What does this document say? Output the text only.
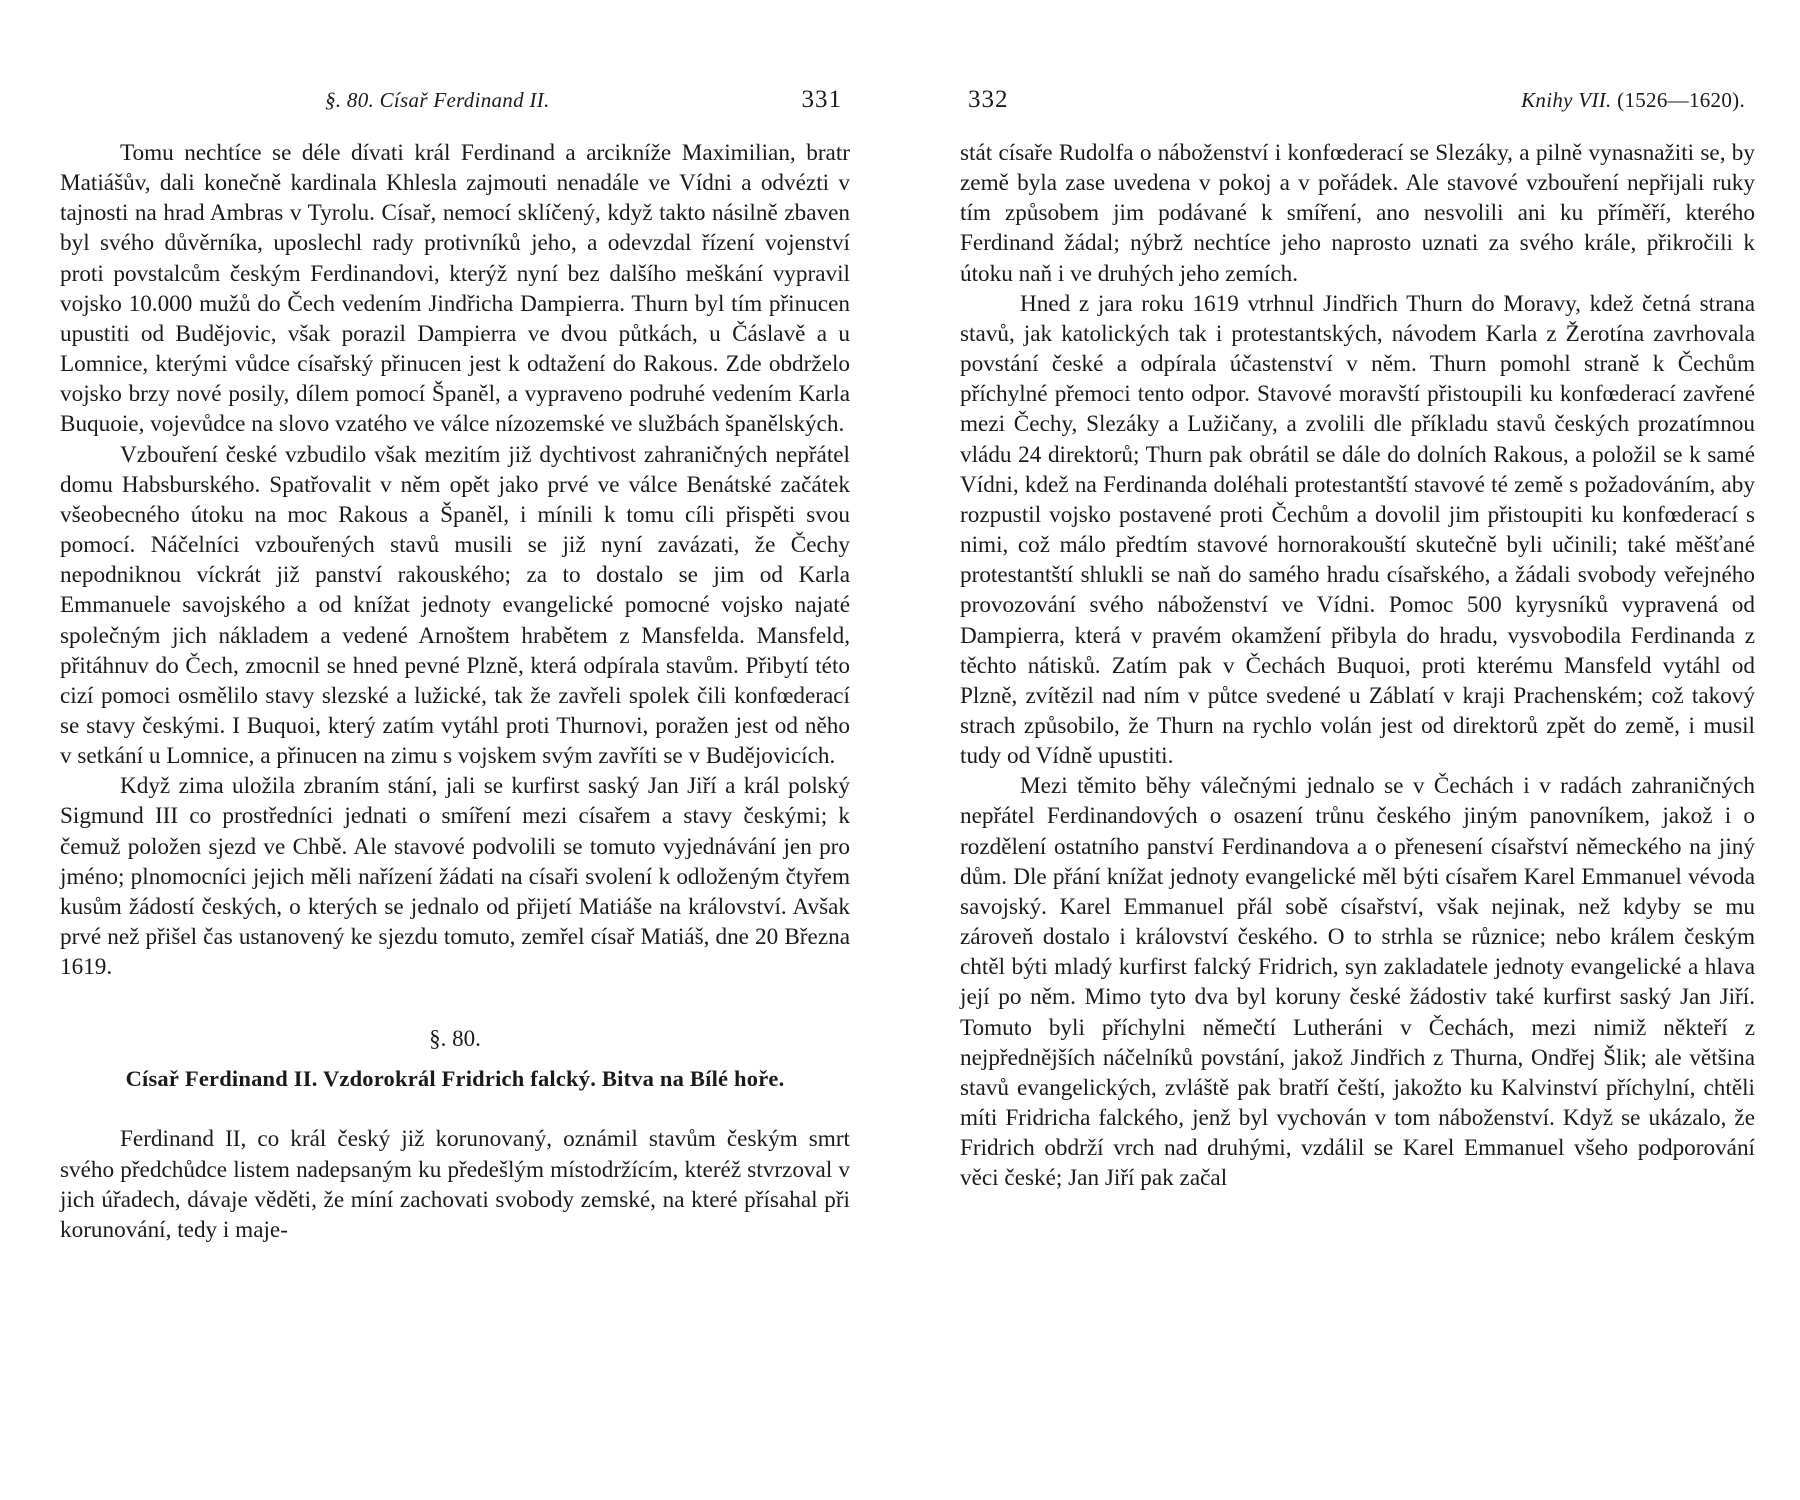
§. 80. Císař Ferdinand II.	331

Tomu nechtíce se déle dívati král Ferdinand a arcikníže Maximilian, bratr Matiášův, dali konečně kardinala Khlesla zajmouti nenadále ve Vídni a odvézti v tajnosti na hrad Ambras v Tyrolu. Císař, nemocí sklíčený, když takto násilně zbaven byl svého důvěrníka, uposlechl rady protivníků jeho, a odevzdal řízení vojenství proti povstalcům českým Ferdinandovi, kterýž nyní bez dalšího meškání vypravil vojsko 10.000 mužů do Čech vedením Jindřicha Dampierra. Thurn byl tím přinucen upustiti od Budějovic, však porazil Dampierra ve dvou půtkách, u Čáslavě a u Lomnice, kterými vůdce císařský přinucen jest k odtažení do Rakous. Zde obdrželo vojsko brzy nové posily, dílem pomocí Španěl, a vypraveno podruhé vedením Karla Buquoie, vojevůdce na slovo vzatého ve válce nízozemské ve službách španělských.

Vzbouření české vzbudilo však mezitím již dychtivost zahraničných nepřátel domu Habsburského. Spatřovalit v něm opět jako prvé ve válce Benátské začátek všeobecného útoku na moc Rakous a Španěl, i mínili k tomu cíli přispěti svou pomocí. Náčelníci vzbouřených stavů musili se již nyní zavázati, že Čechy nepodniknou víckrát již panství rakouského; za to dostalo se jim od Karla Emmanuele savojského a od knížat jednoty evangelické pomocné vojsko najaté společným jich nákladem a vedené Arnoštem hrabětem z Mansfelda. Mansfeld, přitáhnuv do Čech, zmocnil se hned pevné Plzně, která odpírala stavům. Přibytí této cizí pomoci osmělilo stavy slezské a lužické, tak že zavřeli spolek čili konfœderací se stavy českými. I Buquoi, který zatím vytáhl proti Thurnovi, poražen jest od něho v setkání u Lomnice, a přinucen na zimu s vojskem svým zavříti se v Budějovicích.

Když zima uložila zbraním stání, jali se kurfirst saský Jan Jiří a král polský Sigmund III co prostředníci jednati o smíření mezi císařem a stavy českými; k čemuž položen sjezd ve Chbě. Ale stavové podvolili se tomuto vyjednávání jen pro jméno; plnomocníci jejich měli nařízení žádati na císaři svolení k odloženým čtyřem kusům žádostí českých, o kterých se jednalo od přijetí Matiáše na království. Avšak prvé než přišel čas ustanovený ke sjezdu tomuto, zemřel císař Matiáš, dne 20 Března 1619.

§. 80.
Císař Ferdinand II. Vzdorokrál Fridrich falcký. Bitva na Bílé hoře.

Ferdinand II, co král český již korunovaný, oznámil stavům českým smrt svého předchůdce listem nadepsaným ku předešlým místodržícím, kteréž stvrzoval v jich úřadech, dávaje věděti, že míní zachovati svobody zemské, na které přísahal při korunování, tedy i maje-

332	Knihy VII. (1526—1620).

stát císaře Rudolfa o náboženství i konfœderací se Slezáky, a pilně vynasnažiti se, by země byla zase uvedena v pokoj a v pořádek. Ale stavové vzbouření nepřijali ruky tím způsobem jim podávané k smíření, ano nesvolili ani ku příměří, kterého Ferdinand žádal; nýbrž nechtíce jeho naprosto uznati za svého krále, přikročili k útoku naň i ve druhých jeho zemích.

Hned z jara roku 1619 vtrhnul Jindřich Thurn do Moravy, kdež četná strana stavů, jak katolických tak i protestantských, návodem Karla z Žerotína zavrhovala povstání české a odpírala účastenství v něm. Thurn pomohl straně k Čechům příchylné přemoci tento odpor. Stavové moravští přistoupili ku konfœderací zavřené mezi Čechy, Slezáky a Lužičany, a zvolili dle příkladu stavů českých prozatímnou vládu 24 direktorů; Thurn pak obrátil se dále do dolních Rakous, a položil se k samé Vídni, kdež na Ferdinanda doléhali protestantští stavové té země s požadováním, aby rozpustil vojsko postavené proti Čechům a dovolil jim přistoupiti ku konfœderací s nimi, což málo předtím stavové hornorakouští skutečně byli učinili; také měšťané protestantští shlukli se naň do samého hradu císařského, a žádali svobody veřejného provozování svého náboženství ve Vídni. Pomoc 500 kyrysníků vypravená od Dampierra, která v pravém okamžení přibyla do hradu, vysvobodila Ferdinanda z těchto nátisků. Zatím pak v Čechách Buquoi, proti kterému Mansfeld vytáhl od Plzně, zvítězil nad ním v půtce svedené u Záblatí v kraji Prachenském; což takový strach způsobilo, že Thurn na rychlo volán jest od direktorů zpět do země, i musil tudy od Vídně upustiti.

Mezi těmito běhy válečnými jednalo se v Čechách i v radách zahraničných nepřátel Ferdinandových o osazení trůnu českého jiným panovníkem, jakož i o rozdělení ostatního panství Ferdinandova a o přenesení císařství německého na jiný dům. Dle přání knížat jednoty evangelické měl býti císařem Karel Emmanuel vévoda savojský. Karel Emmanuel přál sobě císařství, však nejinak, než kdyby se mu zároveň dostalo i království českého. O to strhla se různice; nebo králem českým chtěl býti mladý kurfirst falcký Fridrich, syn zakladatele jednoty evangelické a hlava její po něm. Mimo tyto dva byl koruny české žádostiv také kurfirst saský Jan Jiří. Tomuto byli příchylni němečtí Lutheráni v Čechách, mezi nimiž někteří z nejpřednějších náčelníků povstání, jakož Jindřich z Thurna, Ondřej Šlik; ale většina stavů evangelických, zvláště pak bratří čeští, jakožto ku Kalvinství příchylní, chtěli míti Fridricha falckého, jenž byl vychován v tom náboženství. Když se ukázalo, že Fridrich obdrží vrch nad druhými, vzdálil se Karel Emmanuel všeho podporování věci české; Jan Jiří pak začal
